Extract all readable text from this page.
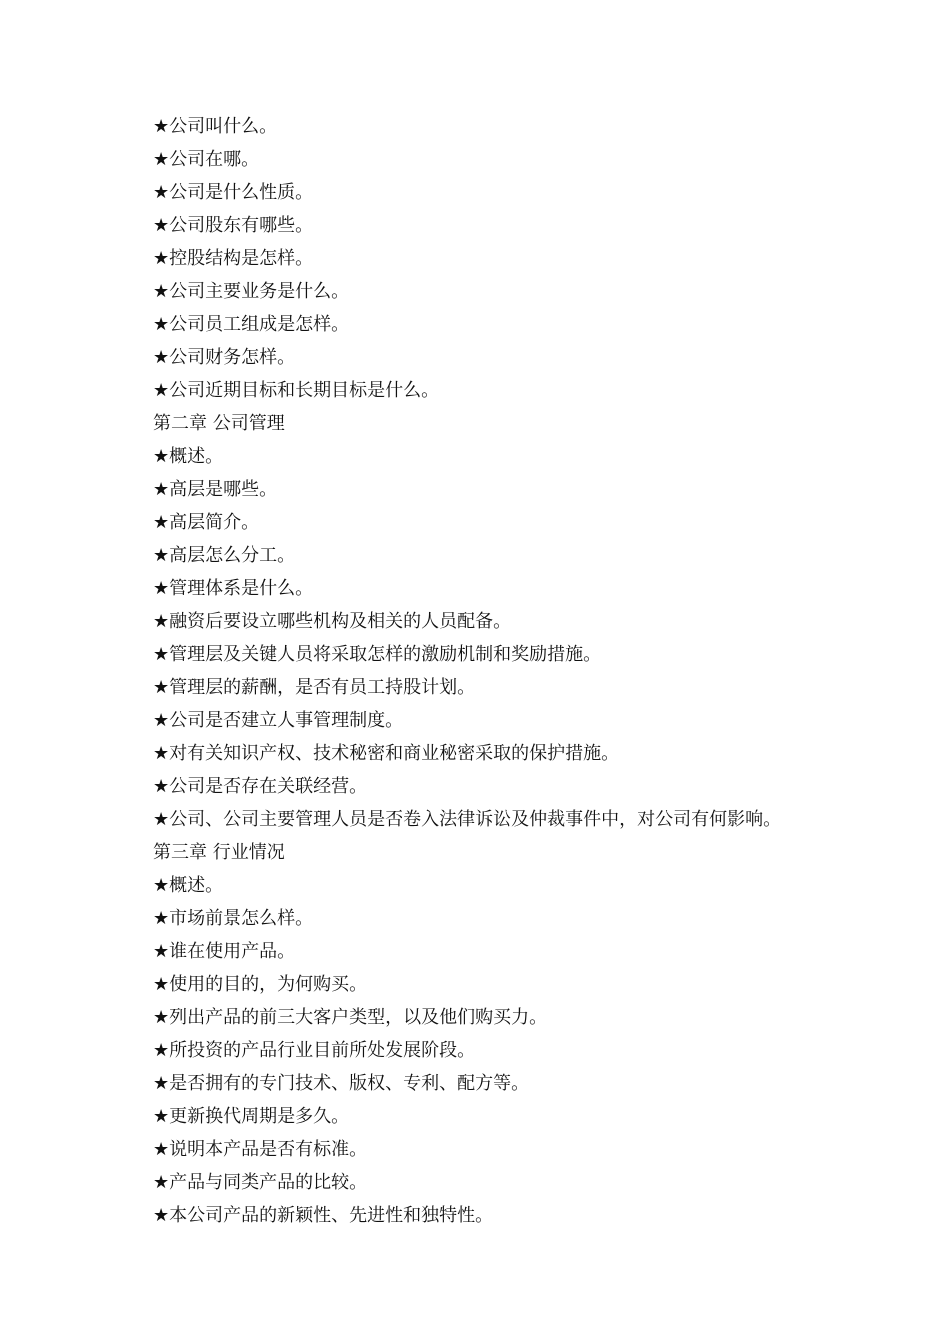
★公司叫什么。
★公司在哪。
★公司是什么性质。
★公司股东有哪些。
★控股结构是怎样。
★公司主要业务是什么。
★公司员工组成是怎样。
★公司财务怎样。
★公司近期目标和长期目标是什么。
第二章 公司管理
★概述。
★高层是哪些。
★高层简介。
★高层怎么分工。
★管理体系是什么。
★融资后要设立哪些机构及相关的人员配备。
★管理层及关键人员将采取怎样的激励机制和奖励措施。
★管理层的薪酬，是否有员工持股计划。
★公司是否建立人事管理制度。
★对有关知识产权、技术秘密和商业秘密采取的保护措施。
★公司是否存在关联经营。
★公司、公司主要管理人员是否卷入法律诉讼及仲裁事件中，对公司有何影响。
第三章 行业情况
★概述。
★市场前景怎么样。
★谁在使用产品。
★使用的目的，为何购买。
★列出产品的前三大客户类型，以及他们购买力。
★所投资的产品行业目前所处发展阶段。
★是否拥有的专门技术、版权、专利、配方等。
★更新换代周期是多久。
★说明本产品是否有标准。
★产品与同类产品的比较。
★本公司产品的新颖性、先进性和独特性。
